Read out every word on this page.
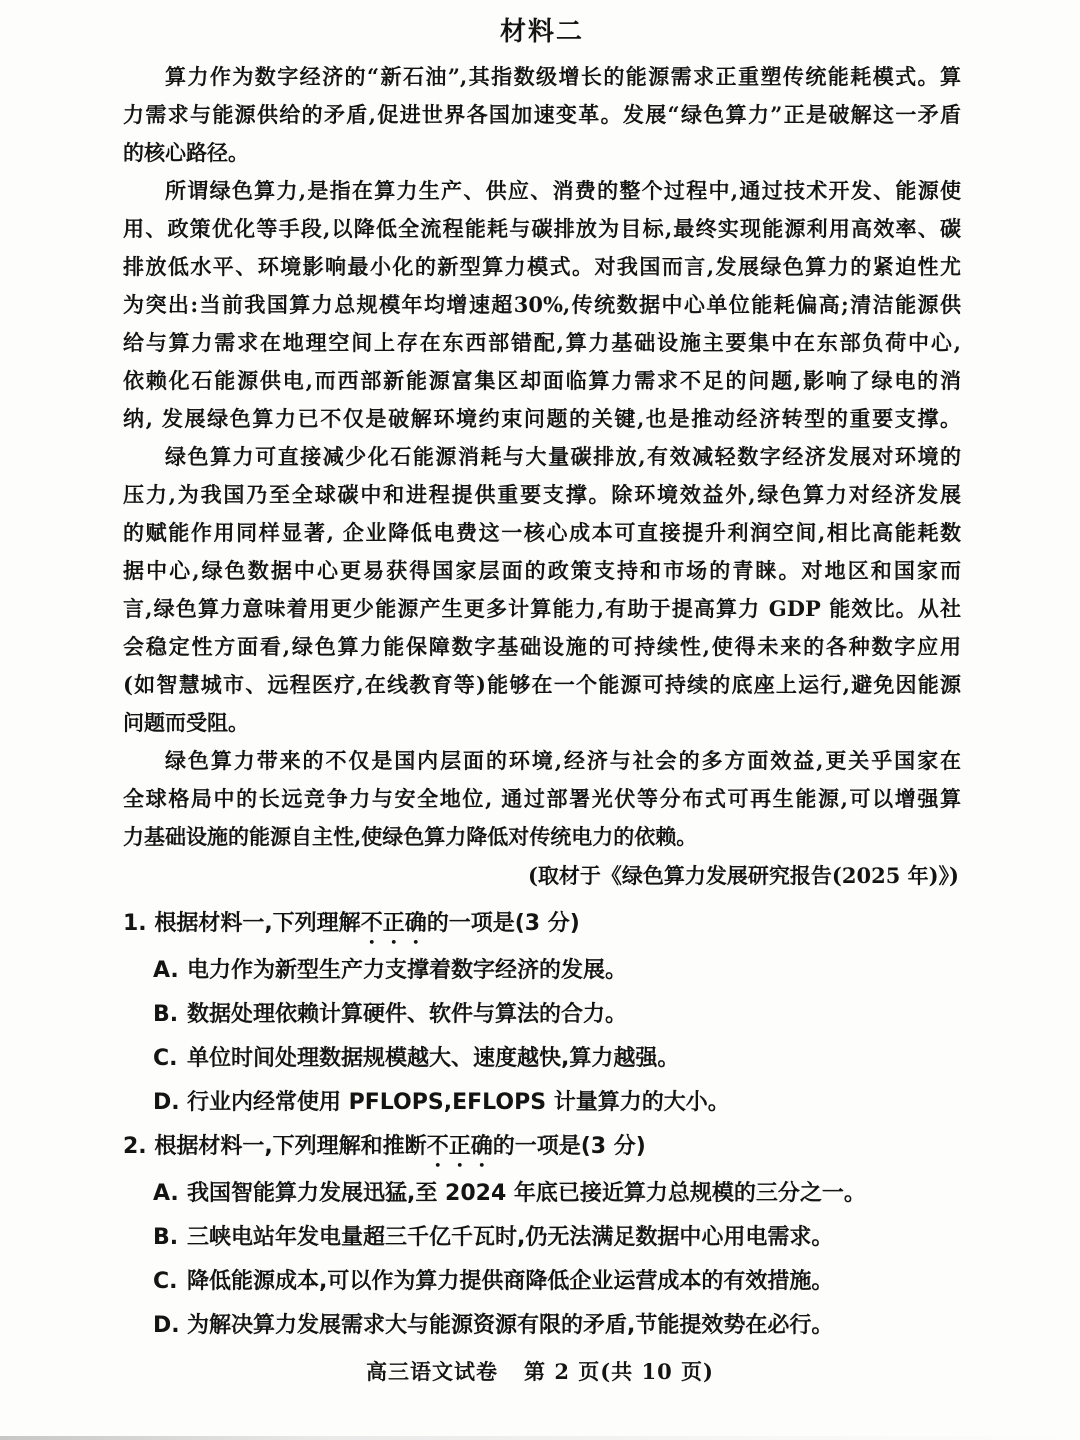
材料二
算力作为数字经济的“新石油”,其指数级增长的能源需求正重塑传统能耗模式。算
力需求与能源供给的矛盾,促进世界各国加速变革。发展“绿色算力”正是破解这一矛盾
的核心路径。
所谓绿色算力,是指在算力生产、供应、消费的整个过程中,通过技术开发、能源使
用、政策优化等手段,以降低全流程能耗与碳排放为目标,最终实现能源利用高效率、碳
排放低水平、环境影响最小化的新型算力模式。对我国而言,发展绿色算力的紧迫性尤
为突出:当前我国算力总规模年均增速超30%,传统数据中心单位能耗偏高;清洁能源供
给与算力需求在地理空间上存在东西部错配,算力基础设施主要集中在东部负荷中心,
依赖化石能源供电,而西部新能源富集区却面临算力需求不足的问题,影响了绿电的消
纳, 发展绿色算力已不仅是破解环境约束问题的关键,也是推动经济转型的重要支撑。
绿色算力可直接减少化石能源消耗与大量碳排放,有效减轻数字经济发展对环境的
压力,为我国乃至全球碳中和进程提供重要支撑。除环境效益外,绿色算力对经济发展
的赋能作用同样显著, 企业降低电费这一核心成本可直接提升利润空间,相比高能耗数
据中心,绿色数据中心更易获得国家层面的政策支持和市场的青睐。对地区和国家而
言,绿色算力意味着用更少能源产生更多计算能力,有助于提高算力 GDP 能效比。从社
会稳定性方面看,绿色算力能保障数字基础设施的可持续性,使得未来的各种数字应用
(如智慧城市、远程医疗,在线教育等)能够在一个能源可持续的底座上运行,避免因能源
问题而受阻。
绿色算力带来的不仅是国内层面的环境,经济与社会的多方面效益,更关乎国家在
全球格局中的长远竞争力与安全地位, 通过部署光伏等分布式可再生能源,可以增强算
力基础设施的能源自主性,使绿色算力降低对传统电力的依赖。
(取材于《绿色算力发展研究报告(2025 年)》)
1. 根据材料一,下列理解不正确的一项是(3 分)
A. 电力作为新型生产力支撑着数字经济的发展。
B. 数据处理依赖计算硬件、软件与算法的合力。
C. 单位时间处理数据规模越大、速度越快,算力越强。
D. 行业内经常使用 PFLOPS,EFLOPS 计量算力的大小。
2. 根据材料一,下列理解和推断不正确的一项是(3 分)
A. 我国智能算力发展迅猛,至 2024 年底已接近算力总规模的三分之一。
B. 三峡电站年发电量超三千亿千瓦时,仍无法满足数据中心用电需求。
C. 降低能源成本,可以作为算力提供商降低企业运营成本的有效措施。
D. 为解决算力发展需求大与能源资源有限的矛盾,节能提效势在必行。
高三语文试卷 第 2 页(共 10 页)
